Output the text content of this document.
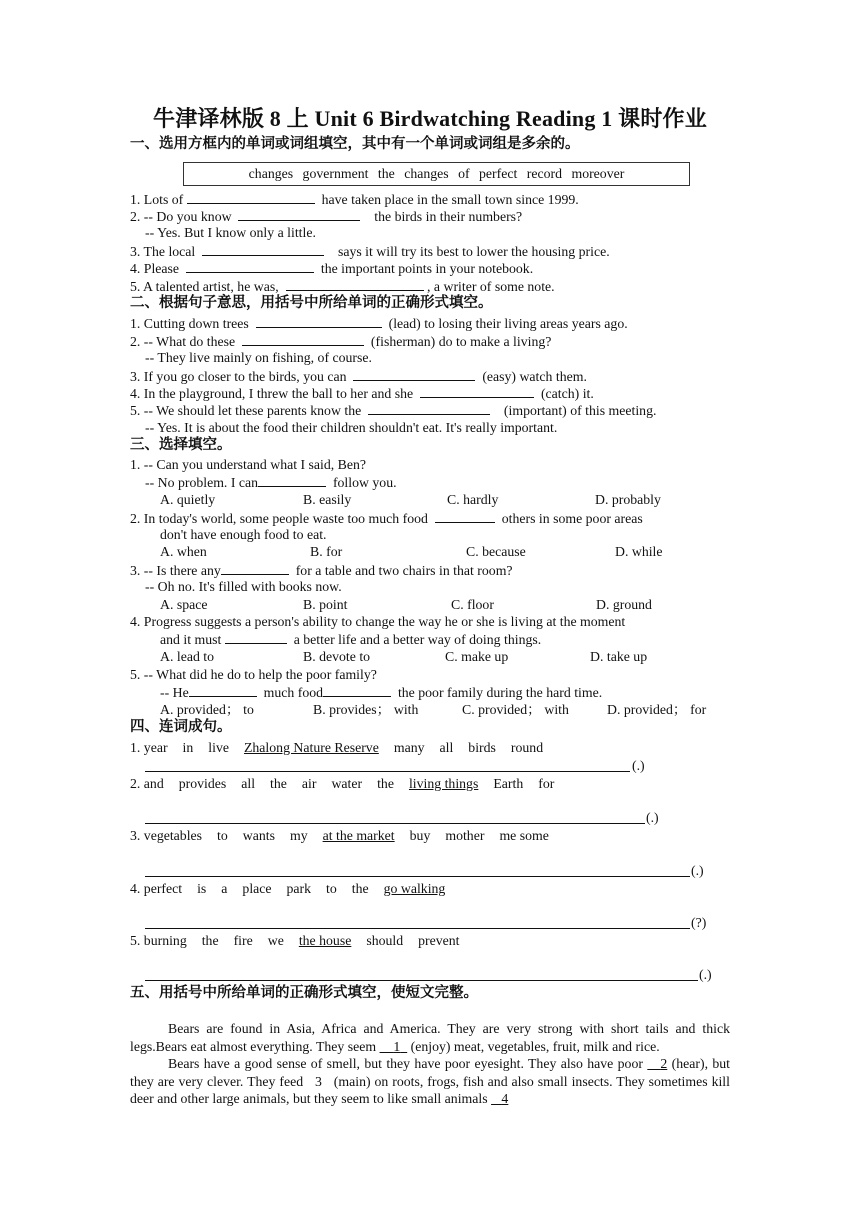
牛津译林版 8 上 Unit 6 Birdwatching Reading 1 课时作业
一、选用方框内的单词或词组填空，其中有一个单词或词组是多余的。
changes government the changes of perfect record moreover
1. Lots of	have taken place in the small town since 1999.
2. -- Do you know	the birds in their numbers?
-- Yes. But I know only a little.
3. The local	says it will try its best to lower the housing price.
4. Please	the important points in your notebook.
5. A talented artist, he was,	, a writer of some note.
二、根据句子意思，用括号中所给单词的正确形式填空。
1. Cutting down trees	(lead) to losing their living areas years ago.
2. -- What do these	(fisherman) do to make a living?
-- They live mainly on fishing, of course.
3. If you go closer to the birds, you can	(easy) watch them.
4. In the playground, I threw the ball to her and she	(catch) it.
5. -- We should let these parents know the	(important) of this meeting.
-- Yes. It is about the food their children shouldn't eat. It's really important.
三、选择填空。
1. -- Can you understand what I said, Ben?
-- No problem. I can	follow you.
A. quietly	B. easily	C. hardly	D. probably
2. In today's world, some people waste too much food	others in some poor areas
don't have enough food to eat.
A. when	B. for	C. because	D. while
3. -- Is there any	for a table and two chairs in that room?
-- Oh no. It's filled with books now.
A. space	B. point	C. floor	D. ground
4. Progress suggests a person's ability to change the way he or she is living at the moment
and it must	a better life and a better way of doing things.
A. lead to	B. devote to	C. make up	D. take up
5. -- What did he do to help the poor family?
-- He	much food	the poor family during the hard time.
A. provided； to	B. provides； with	C. provided； with	D. provided； for
四、连词成句。
1. year in live Zhalong Nature Reserve many all birds round
(.)
2. and provides all the air water the living things Earth for
(.)
3. vegetables to wants my at the market buy mother me some
(.)
4. perfect is a place park to the go walking
(?)
5. burning the fire we the house should prevent
(.)
五、用括号中所给单词的正确形式填空，使短文完整。
Bears are found in Asia, Africa and America. They are very strong with short tails and thick legs.Bears eat almost everything. They seem 1 (enjoy) meat, vegetables, fruit, milk and rice.
Bears have a good sense of smell, but they have poor eyesight. They also have poor 2 (hear), but they are very clever. They feed 3 (main) on roots, frogs, fish and also small insects. They sometimes kill deer and other large animals, but they seem to like small animals 4
